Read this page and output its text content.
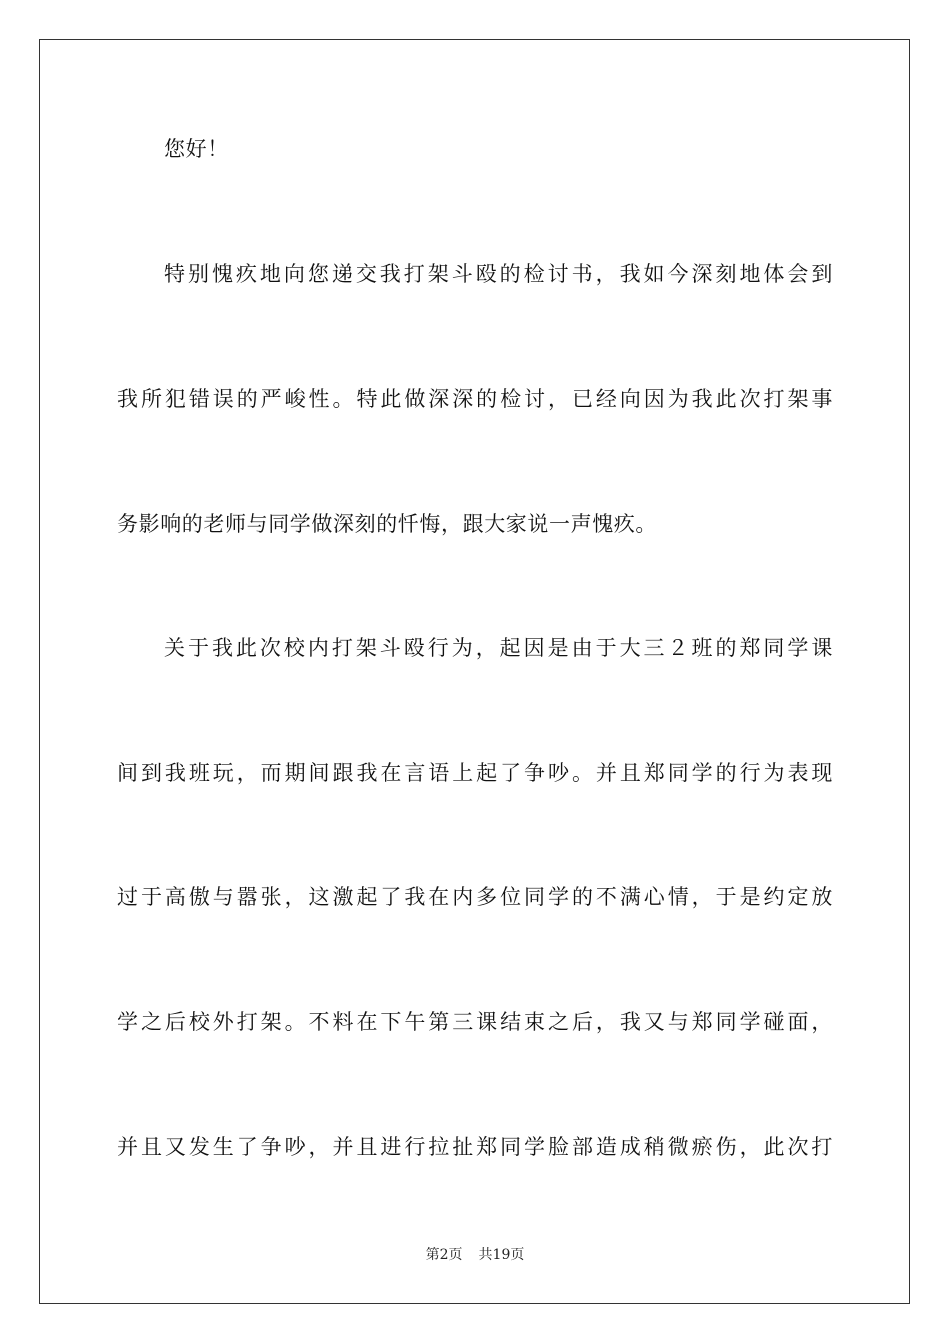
您好！
特别愧疚地向您递交我打架斗殴的检讨书，我如今深刻地体会到
我所犯错误的严峻性。特此做深深的检讨，已经向因为我此次打架事
务影响的老师与同学做深刻的忏悔，跟大家说一声愧疚。
关于我此次校内打架斗殴行为，起因是由于大三２班的郑同学课
间到我班玩，而期间跟我在言语上起了争吵。并且郑同学的行为表现
过于高傲与嚣张，这激起了我在内多位同学的不满心情，于是约定放
学之后校外打架。不料在下午第三课结束之后，我又与郑同学碰面，
并且又发生了争吵，并且进行拉扯郑同学脸部造成稍微瘀伤，此次打
第2页 共19页
